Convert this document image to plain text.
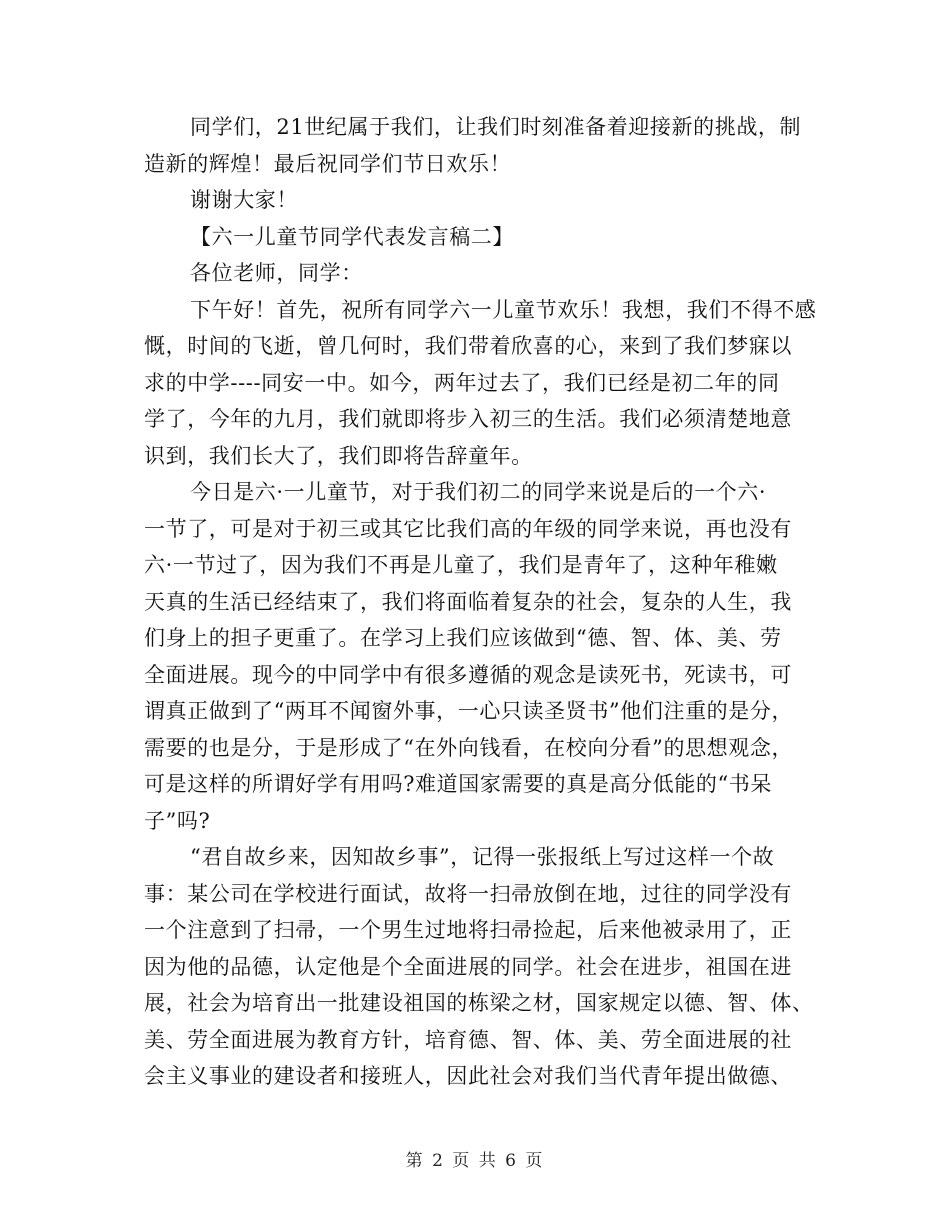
同学们，21世纪属于我们，让我们时刻准备着迎接新的挑战，制
造新的辉煌！最后祝同学们节日欢乐！
谢谢大家！
【六一儿童节同学代表发言稿二】
各位老师，同学：
下午好！首先，祝所有同学六一儿童节欢乐！我想，我们不得不感
慨，时间的飞逝，曾几何时，我们带着欣喜的心，来到了我们梦寐以
求的中学----同安一中。如今，两年过去了，我们已经是初二年的同
学了，今年的九月，我们就即将步入初三的生活。我们必须清楚地意
识到，我们长大了，我们即将告辞童年。
今日是六·一儿童节，对于我们初二的同学来说是后的一个六·
一节了，可是对于初三或其它比我们高的年级的同学来说，再也没有
六·一节过了，因为我们不再是儿童了，我们是青年了，这种年稚嫩
天真的生活已经结束了，我们将面临着复杂的社会，复杂的人生，我
们身上的担子更重了。在学习上我们应该做到“德、智、体、美、劳
全面进展。现今的中同学中有很多遵循的观念是读死书，死读书，可
谓真正做到了“两耳不闻窗外事，一心只读圣贤书”他们注重的是分，
需要的也是分，于是形成了“在外向钱看，在校向分看”的思想观念，
可是这样的所谓好学有用吗?难道国家需要的真是高分低能的“书呆
子”吗?
“君自故乡来，因知故乡事”，记得一张报纸上写过这样一个故
事：某公司在学校进行面试，故将一扫帚放倒在地，过往的同学没有
一个注意到了扫帚，一个男生过地将扫帚捡起，后来他被录用了，正
因为他的品德，认定他是个全面进展的同学。社会在进步，祖国在进
展，社会为培育出一批建设祖国的栋梁之材，国家规定以德、智、体、
美、劳全面进展为教育方针，培育德、智、体、美、劳全面进展的社
会主义事业的建设者和接班人，因此社会对我们当代青年提出做德、
第 2 页 共 6 页
